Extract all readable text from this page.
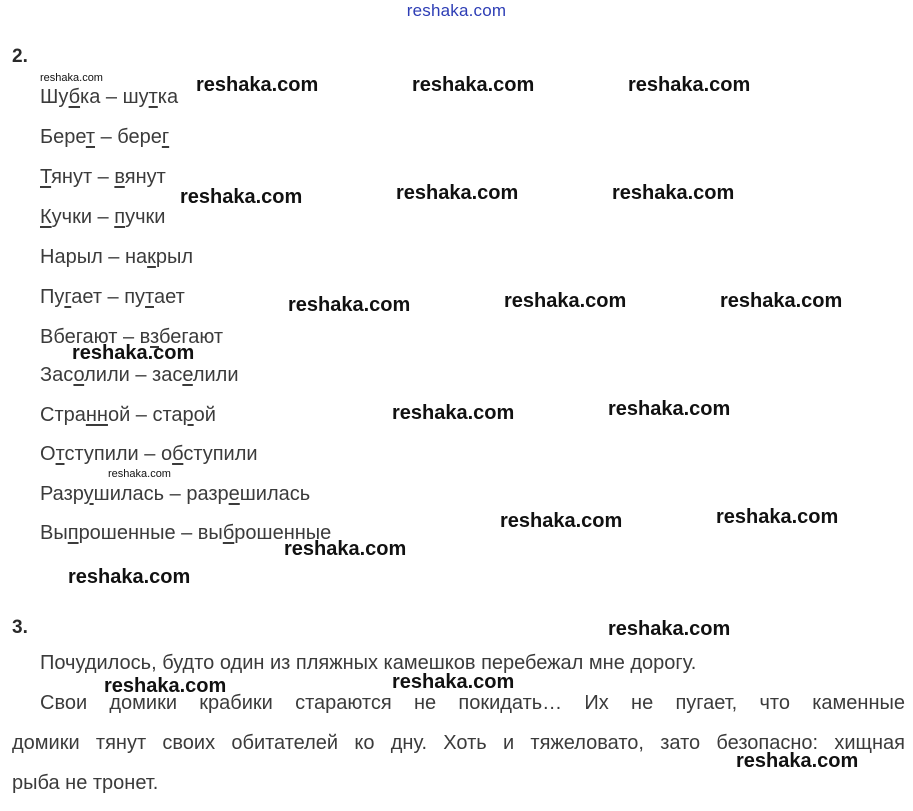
reshaka.com
2.
Шубка – шутка
Берет – берег
Тянут – вянут
Кучки – пучки
Нарыл – накрыл
Пугает – путает
Вбегают – взбегают
Засолили – заселили
Странной – старой
Отступили – обступили
Разрушилась – разрешилась
Выпрошенные – выброшенные
3.
Почудилось, будто один из пляжных камешков перебежал мне дорогу.
Свои домики крабики стараются не покидать… Их не пугает, что каменные
домики тянут своих обитателей ко дну. Хоть и тяжеловато, зато безопасно: хищная
рыба не тронет.
reshaka.com	reshaka.com	reshaka.com
reshaka.com	reshaka.com	reshaka.com
reshaka.com	reshaka.com	reshaka.com
reshaka.com
reshaka.com	reshaka.com
reshaka.com	reshaka.com
reshaka.com
reshaka.com
reshaka.com
reshaka.com	reshaka.com
reshaka.com
reshaka.com
reshaka.com
